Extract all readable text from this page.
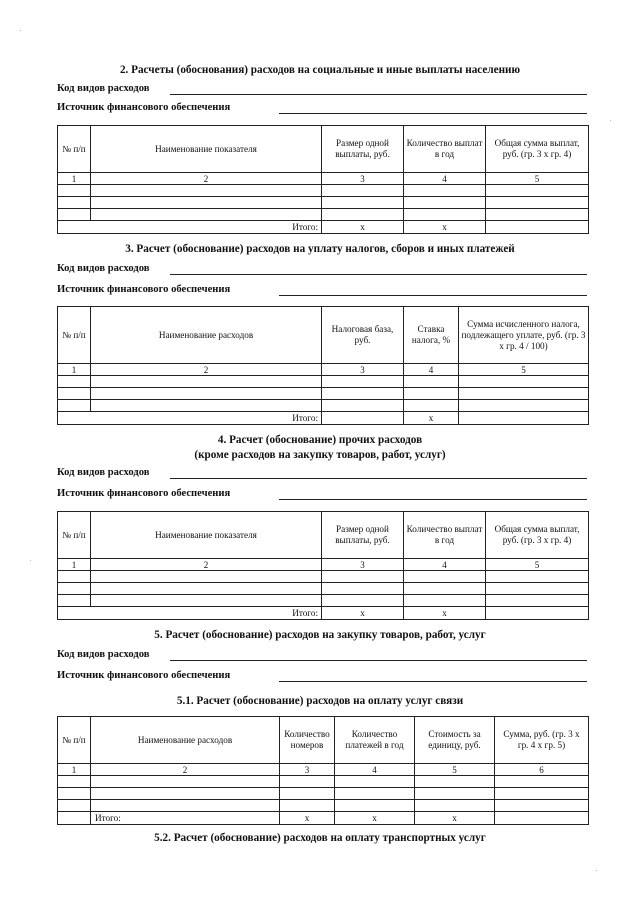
2. Расчеты (обоснования) расходов на социальные и иные выплаты населению
Код видов расходов
Источник финансового обеспечения
№ п/п	Наименование показателя	Размер одной выплаты, руб.	Количество выплат в год	Общая сумма выплат, руб. (гр. 3 x гр. 4)
1	2	3	4	5

	Итого:	x	x	
3. Расчет (обоснование) расходов на уплату налогов, сборов и иных платежей
Код видов расходов
Источник финансового обеспечения
№ п/п	Наименование расходов	Налоговая база, руб.	Ставка налога, %	Сумма исчисленного налога, подлежащего уплате, руб. (гр. 3 x гр. 4 / 100)
1	2	3	4	5

	Итого:		x	
4. Расчет (обоснование) прочих расходов
(кроме расходов на закупку товаров, работ, услуг)
Код видов расходов
Источник финансового обеспечения
№ п/п	Наименование показателя	Размер одной выплаты, руб.	Количество выплат в год	Общая сумма выплат, руб. (гр. 3 x гр. 4)
1	2	3	4	5

	Итого:	x	x	
5. Расчет (обоснование) расходов на закупку товаров, работ, услуг
Код видов расходов
Источник финансового обеспечения
5.1. Расчет (обоснование) расходов на оплату услуг связи
№ п/п	Наименование расходов	Количество номеров	Количество платежей в год	Стоимость за единицу, руб.	Сумма, руб. (гр. 3 x гр. 4 x гр. 5)
1	2	3	4	5	6

	Итого:	x	x	x	
5.2. Расчет (обоснование) расходов на оплату транспортных услуг
